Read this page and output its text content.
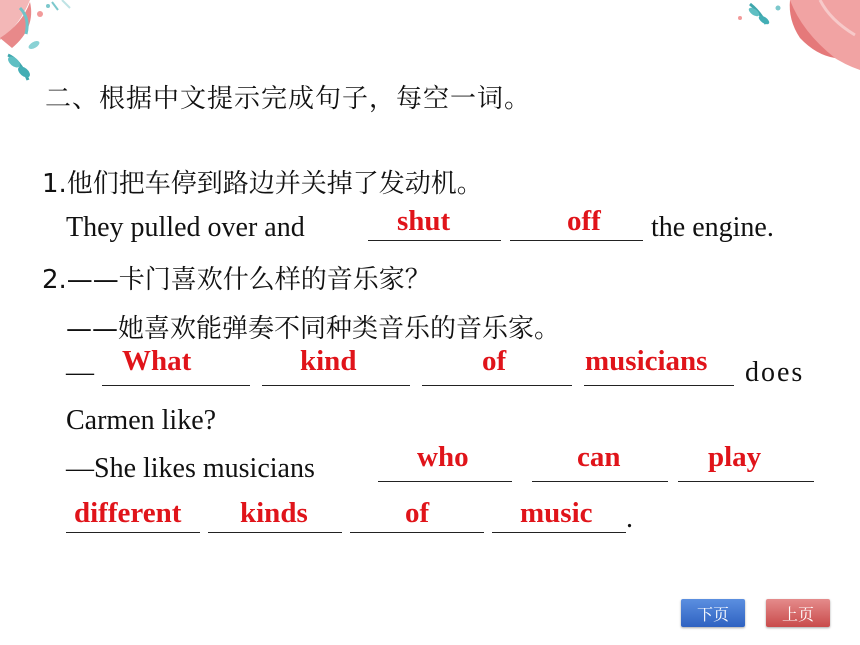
二、根据中文提示完成句子，每空一词。
1.他们把车停到路边并关掉了发动机。
They pulled over and	shut	off the engine.
2.——卡门喜欢什么样的音乐家？
——她喜欢能弹奏不同种类音乐的音乐家。
— What	kind	of	musicians does
Carmen like?
—She likes musicians	who	can	play
different kinds	of	music .
下页	上页
